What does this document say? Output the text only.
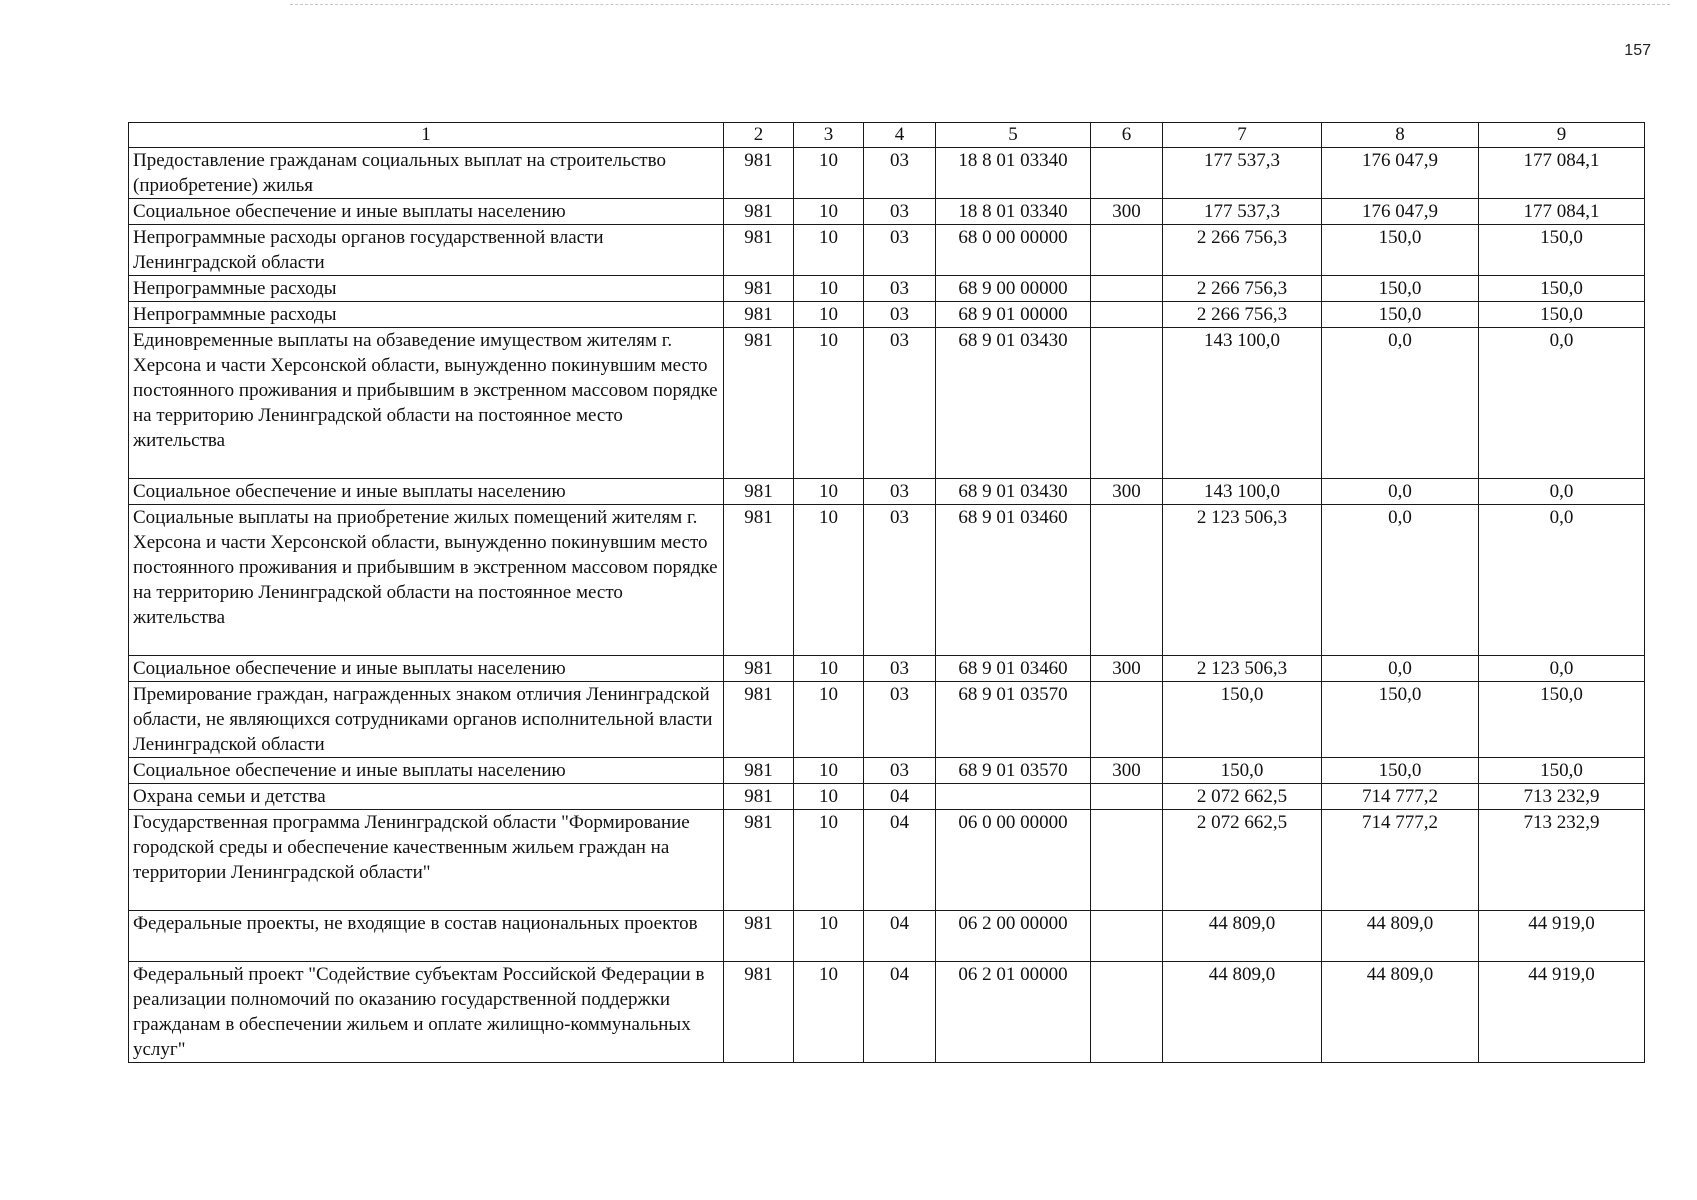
157
1	2	3	4	5	6	7	8	9
Предоставление гражданам социальных выплат на строительство (приобретение) жилья	981	10	03	18 8 01 03340		177 537,3	176 047,9	177 084,1
Социальное обеспечение и иные выплаты населению	981	10	03	18 8 01 03340	300	177 537,3	176 047,9	177 084,1
Непрограммные расходы органов государственной власти Ленинградской области	981	10	03	68 0 00 00000		2 266 756,3	150,0	150,0
Непрограммные расходы	981	10	03	68 9 00 00000		2 266 756,3	150,0	150,0
Непрограммные расходы	981	10	03	68 9 01 00000		2 266 756,3	150,0	150,0
Единовременные выплаты на обзаведение имуществом жителям г. Херсона и части Херсонской области, вынужденно покинувшим место постоянного проживания и прибывшим в экстренном массовом порядке на территорию Ленинградской области на постоянное место жительства	981	10	03	68 9 01 03430		143 100,0	0,0	0,0
Социальное обеспечение и иные выплаты населению	981	10	03	68 9 01 03430	300	143 100,0	0,0	0,0
Социальные выплаты на приобретение жилых помещений жителям г. Херсона и части Херсонской области, вынужденно покинувшим место постоянного проживания и прибывшим в экстренном массовом порядке на территорию Ленинградской области на постоянное место жительства	981	10	03	68 9 01 03460		2 123 506,3	0,0	0,0
Социальное обеспечение и иные выплаты населению	981	10	03	68 9 01 03460	300	2 123 506,3	0,0	0,0
Премирование граждан, награжденных знаком отличия Ленинградской области, не являющихся сотрудниками органов исполнительной власти Ленинградской области	981	10	03	68 9 01 03570		150,0	150,0	150,0
Социальное обеспечение и иные выплаты населению	981	10	03	68 9 01 03570	300	150,0	150,0	150,0
Охрана семьи и детства	981	10	04			2 072 662,5	714 777,2	713 232,9
Государственная программа Ленинградской области "Формирование городской среды и обеспечение качественным жильем граждан на территории Ленинградской области"	981	10	04	06 0 00 00000		2 072 662,5	714 777,2	713 232,9
Федеральные проекты, не входящие в состав национальных проектов	981	10	04	06 2 00 00000		44 809,0	44 809,0	44 919,0
Федеральный проект "Содействие субъектам Российской Федерации в реализации полномочий по оказанию государственной поддержки гражданам в обеспечении жильем и оплате жилищно-коммунальных услуг"	981	10	04	06 2 01 00000		44 809,0	44 809,0	44 919,0
